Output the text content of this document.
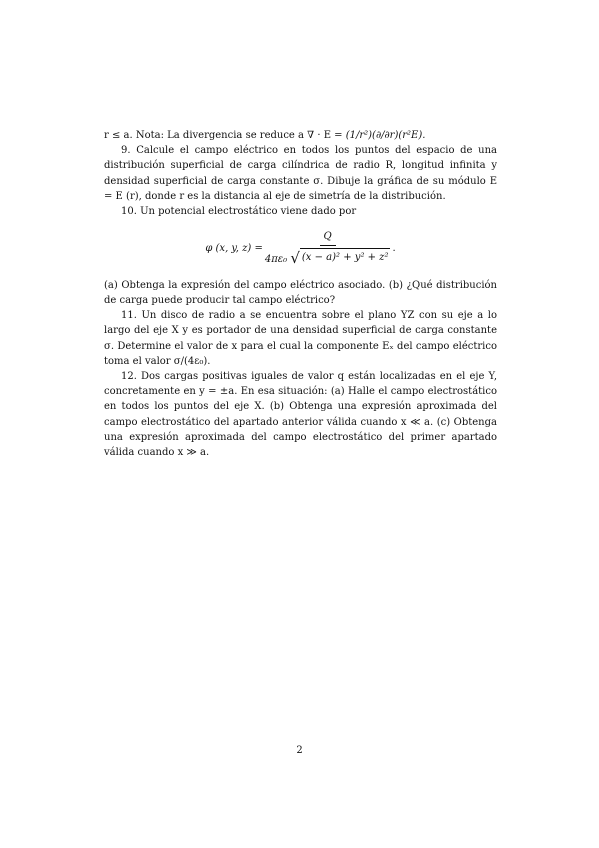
r ≤ a. Nota: La divergencia se reduce a ∇ · E = (1/r²)(∂/∂r)(r²E).

9. Calcule el campo eléctrico en todos los puntos del espacio de una distribución superficial de carga cilíndrica de radio R, longitud infinita y densidad superficial de carga constante σ. Dibuje la gráfica de su módulo E = E (r), donde r es la distancia al eje de simetría de la distribución.

10. Un potencial electrostático viene dado por

φ (x, y, $z) = \frac{Q}{\text{4πε₀ √ (x − a)² + y² + z²}}$ .

(a) Obtenga la expresión del campo eléctrico asociado. (b) ¿Qué distribución de carga puede producir tal campo eléctrico?

11. Un disco de radio a se encuentra sobre el plano YZ con su eje a lo largo del eje X y es portador de una densidad superficial de carga constante σ. Determine el valor de x para el cual la componente Eₓ del campo eléctrico toma el valor σ/(4ε₀).

12. Dos cargas positivas iguales de valor q están localizadas en el eje Y, concretamente en y = ±a. En esa situación: (a) Halle el campo electrostático en todos los puntos del eje X. (b) Obtenga una expresión aproximada del campo electrostático del apartado anterior válida cuando x ≪ a. (c) Obtenga una expresión aproximada del campo electrostático del primer apartado válida cuando x ≫ a.

2
